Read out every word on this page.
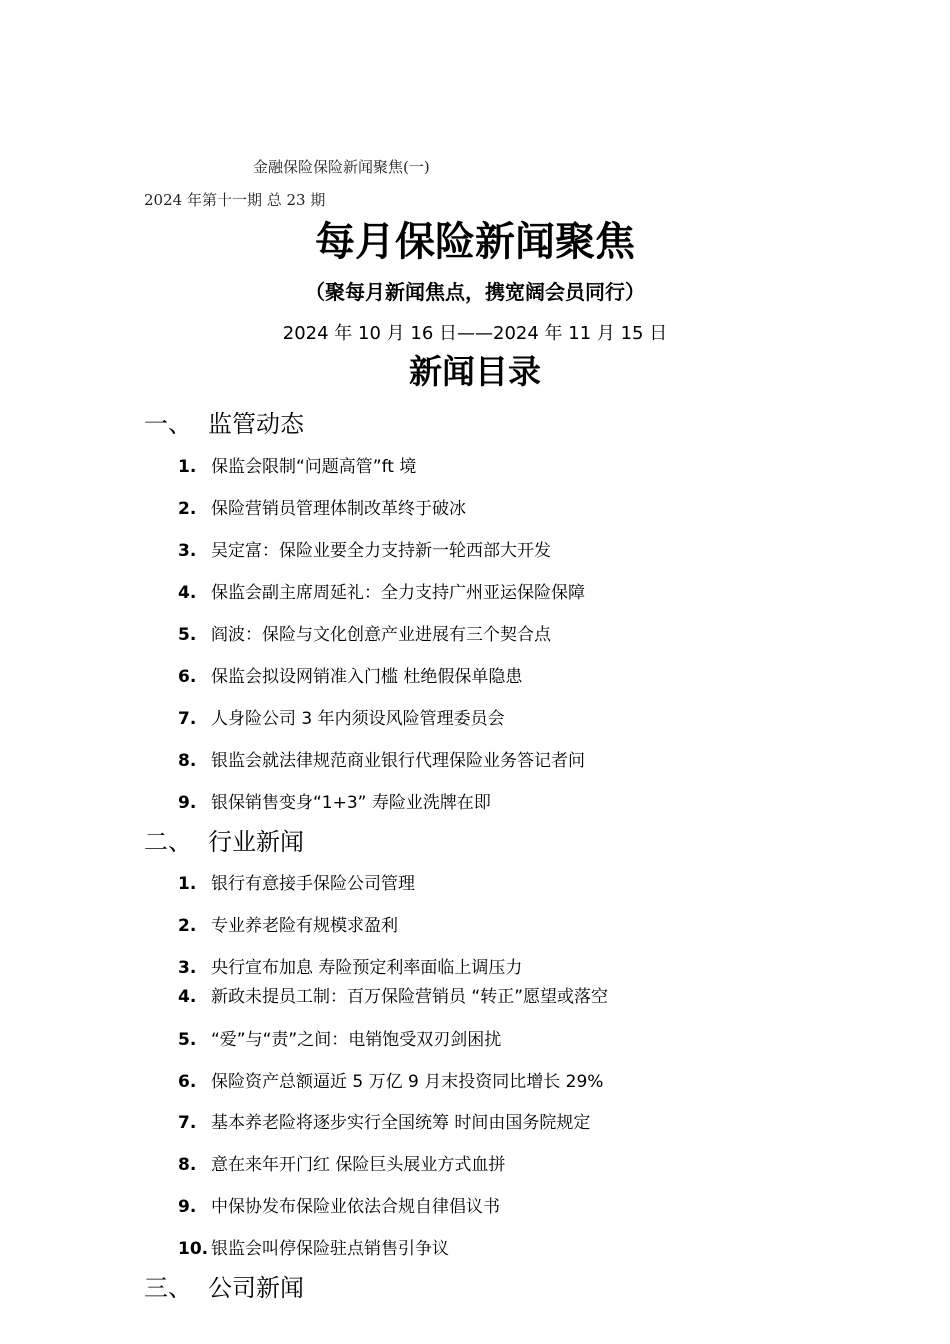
金融保险保险新闻聚焦(一)
2024 年第十一期 总 23 期
每月保险新闻聚焦
（聚每月新闻焦点，携宽阔会员同行）
2024 年 10 月 16 日——2024 年 11 月 15 日
新闻目录
一、 监管动态
1. 保监会限制“问题高管”ft 境
2. 保险营销员管理体制改革终于破冰
3. 吴定富：保险业要全力支持新一轮西部大开发
4. 保监会副主席周延礼：全力支持广州亚运保险保障
5. 阎波：保险与文化创意产业进展有三个契合点
6. 保监会拟设网销准入门槛 杜绝假保单隐患
7. 人身险公司 3 年内须设风险管理委员会
8. 银监会就法律规范商业银行代理保险业务答记者问
9. 银保销售变身“1+3” 寿险业洗牌在即
二、 行业新闻
1. 银行有意接手保险公司管理
2. 专业养老险有规模求盈利
3. 央行宣布加息 寿险预定利率面临上调压力
4. 新政未提员工制：百万保险营销员 “转正”愿望或落空
5. “爱”与“责”之间：电销饱受双刃剑困扰
6. 保险资产总额逼近 5 万亿 9 月末投资同比增长 29%
7. 基本养老险将逐步实行全国统筹 时间由国务院规定
8. 意在来年开门红 保险巨头展业方式血拼
9. 中保协发布保险业依法合规自律倡议书
10. 银监会叫停保险驻点销售引争议
三、 公司新闻
